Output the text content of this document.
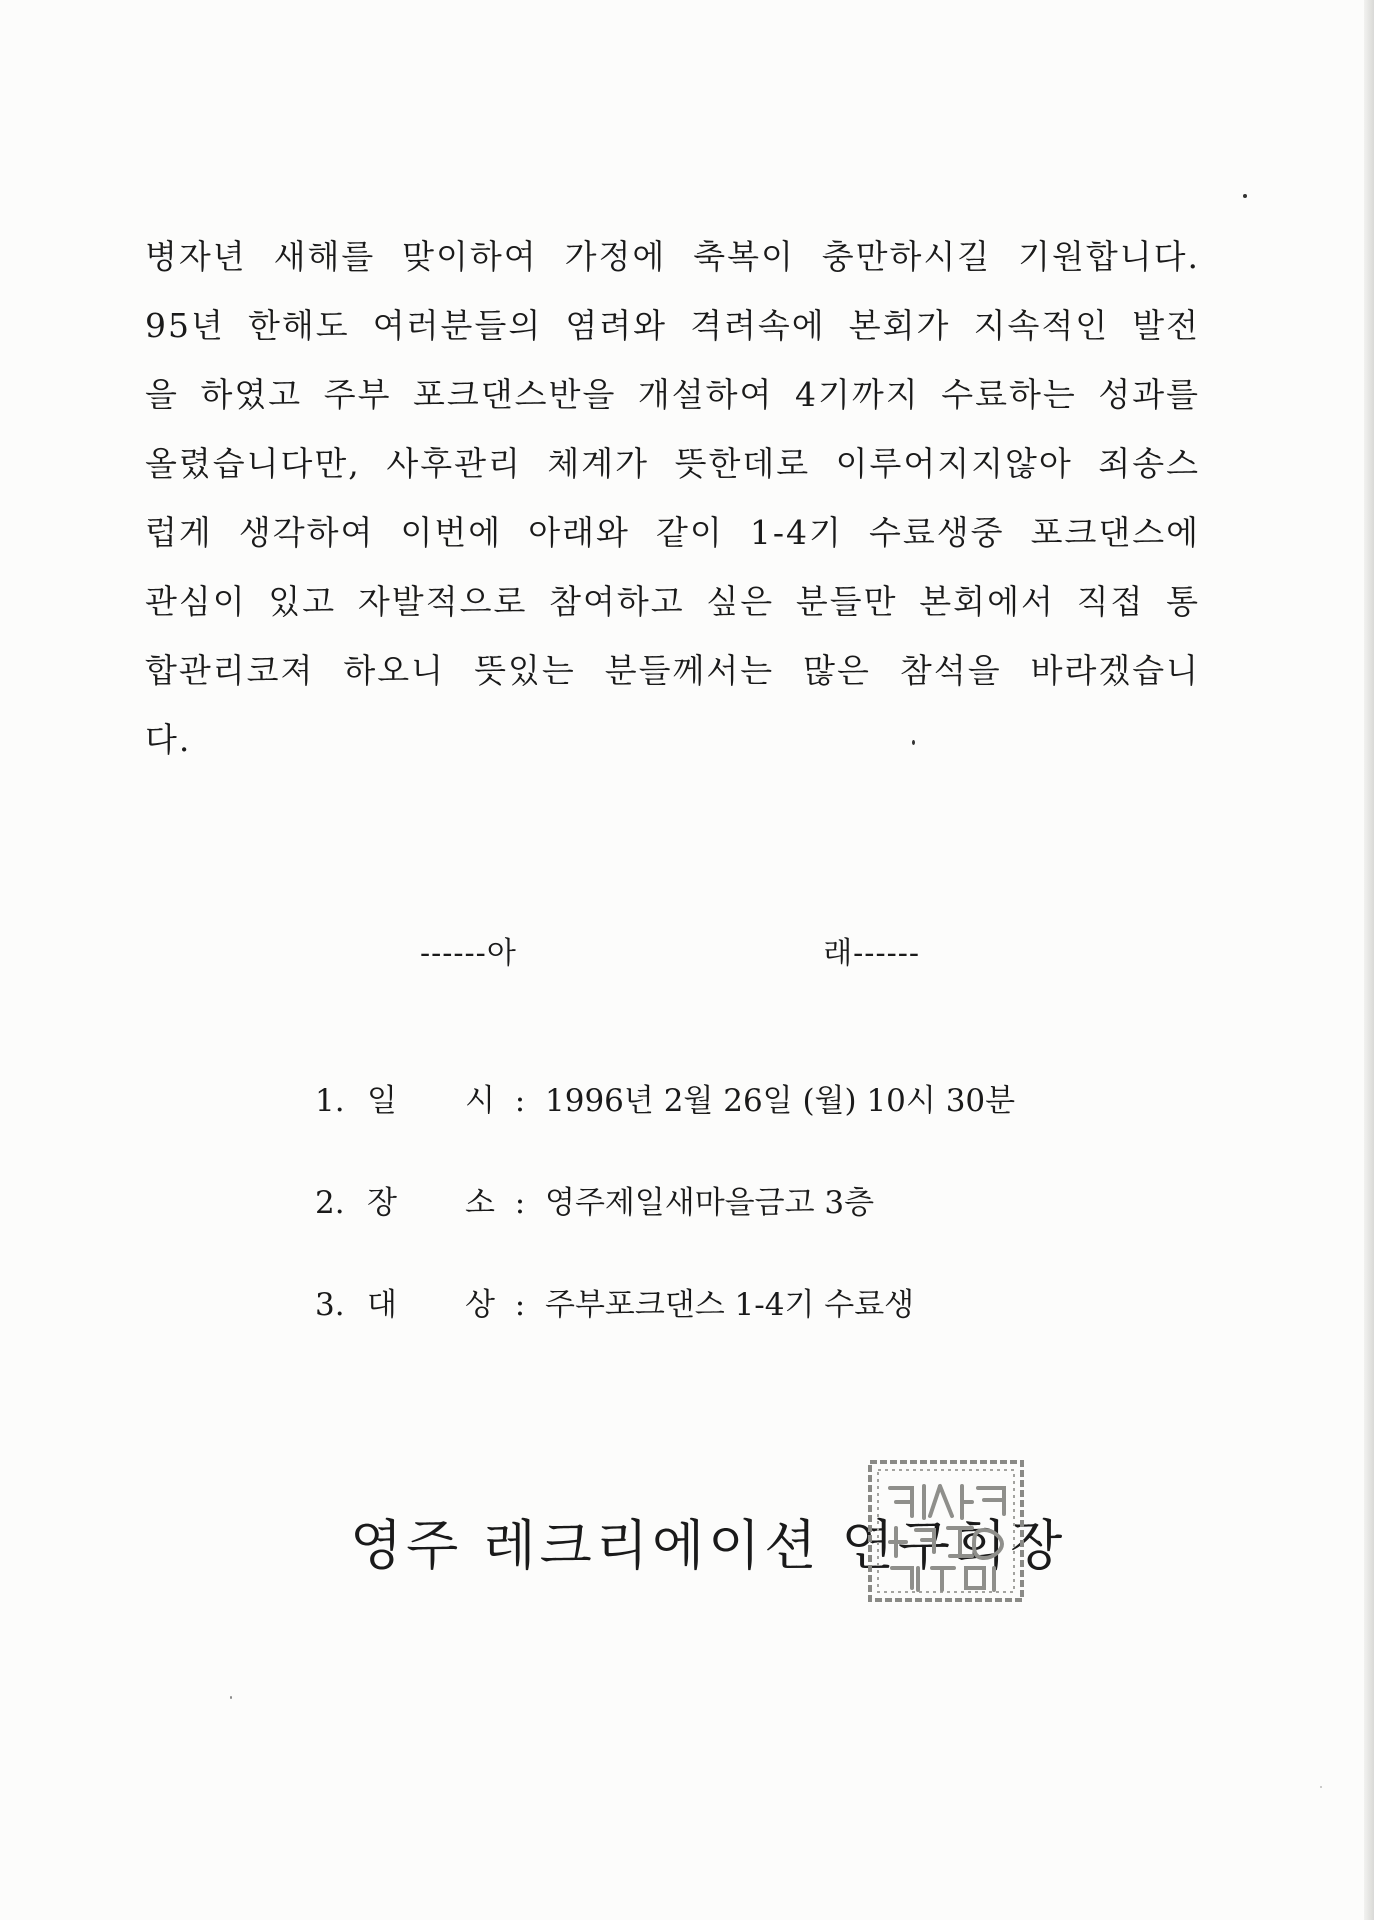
병자년 새해를 맞이하여 가정에 축복이 충만하시길 기원합니다.
95년 한해도 여러분들의 염려와 격려속에 본회가 지속적인 발전
을 하였고 주부 포크댄스반을 개설하여 4기까지 수료하는 성과를
올렸습니다만, 사후관리 체계가 뜻한데로 이루어지지않아 죄송스
럽게 생각하여 이번에 아래와 같이 1-4기 수료생중 포크댄스에
관심이 있고 자발적으로 참여하고 싶은 분들만 본회에서 직접 통
합관리코져 하오니 뜻있는 분들께서는 많은 참석을 바라겠습니
다.
------아	래------
1. 일	시 : 1996년 2월 26일 (월) 10시 30분
2. 장	소 : 영주제일새마을금고 3층
3. 대	상 : 주부포크댄스 1-4기 수료생
영주 레크리에이션 연구회장
